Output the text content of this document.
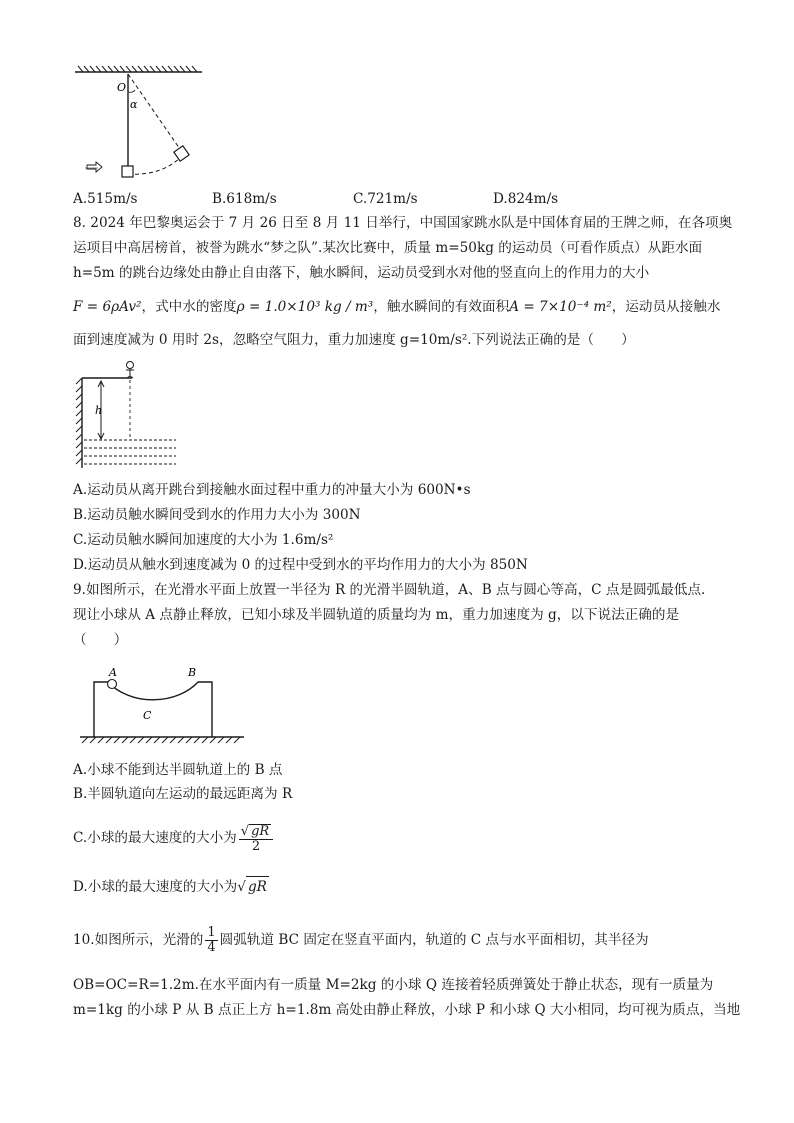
O
α
A.515m/s	B.618m/s	C.721m/s	D.824m/s
8. 2024 年巴黎奥运会于 7 月 26 日至 8 月 11 日举行，中国国家跳水队是中国体育届的王牌之师，在各项奥
运项目中高居榜首，被誉为跳水“梦之队”.某次比赛中，质量 m=50kg 的运动员（可看作质点）从距水面
h=5m 的跳台边缘处由静止自由落下，触水瞬间，运动员受到水对他的竖直向上的作用力的大小
F = 6ρAv²，式中水的密度ρ = 1.0×10³ kg / m³，触水瞬间的有效面积A = 7×10⁻⁴ m²，运动员从接触水
面到速度减为 0 用时 2s，忽略空气阻力，重力加速度 g=10m/s².下列说法正确的是（　　）
h
A.运动员从离开跳台到接触水面过程中重力的冲量大小为 600N•s
B.运动员触水瞬间受到水的作用力大小为 300N
C.运动员触水瞬间加速度的大小为 1.6m/s²
D.运动员从触水到速度减为 0 的过程中受到水的平均作用力的大小为 850N
9.如图所示，在光滑水平面上放置一半径为 R 的光滑半圆轨道，A、B 点与圆心等高，C 点是圆弧最低点.
现让小球从 A 点静止释放，已知小球及半圆轨道的质量均为 m，重力加速度为 g，以下说法正确的是
（　　）
A	B
C
A.小球不能到达半圆轨道上的 B 点
B.半圆轨道向左运动的最远距离为 R
C.小球的最大速度的大小为 $\frac{√ gR}{2}$
D.小球的最大速度的大小为√ gR
10.如图所示，光滑的 $\frac{1}{4}$ 圆弧轨道 BC 固定在竖直平面内，轨道的 C 点与水平面相切，其半径为
OB=OC=R=1.2m.在水平面内有一质量 M=2kg 的小球 Q 连接着轻质弹簧处于静止状态，现有一质量为
m=1kg 的小球 P 从 B 点正上方 h=1.8m 高处由静止释放，小球 P 和小球 Q 大小相同，均可视为质点，当地
